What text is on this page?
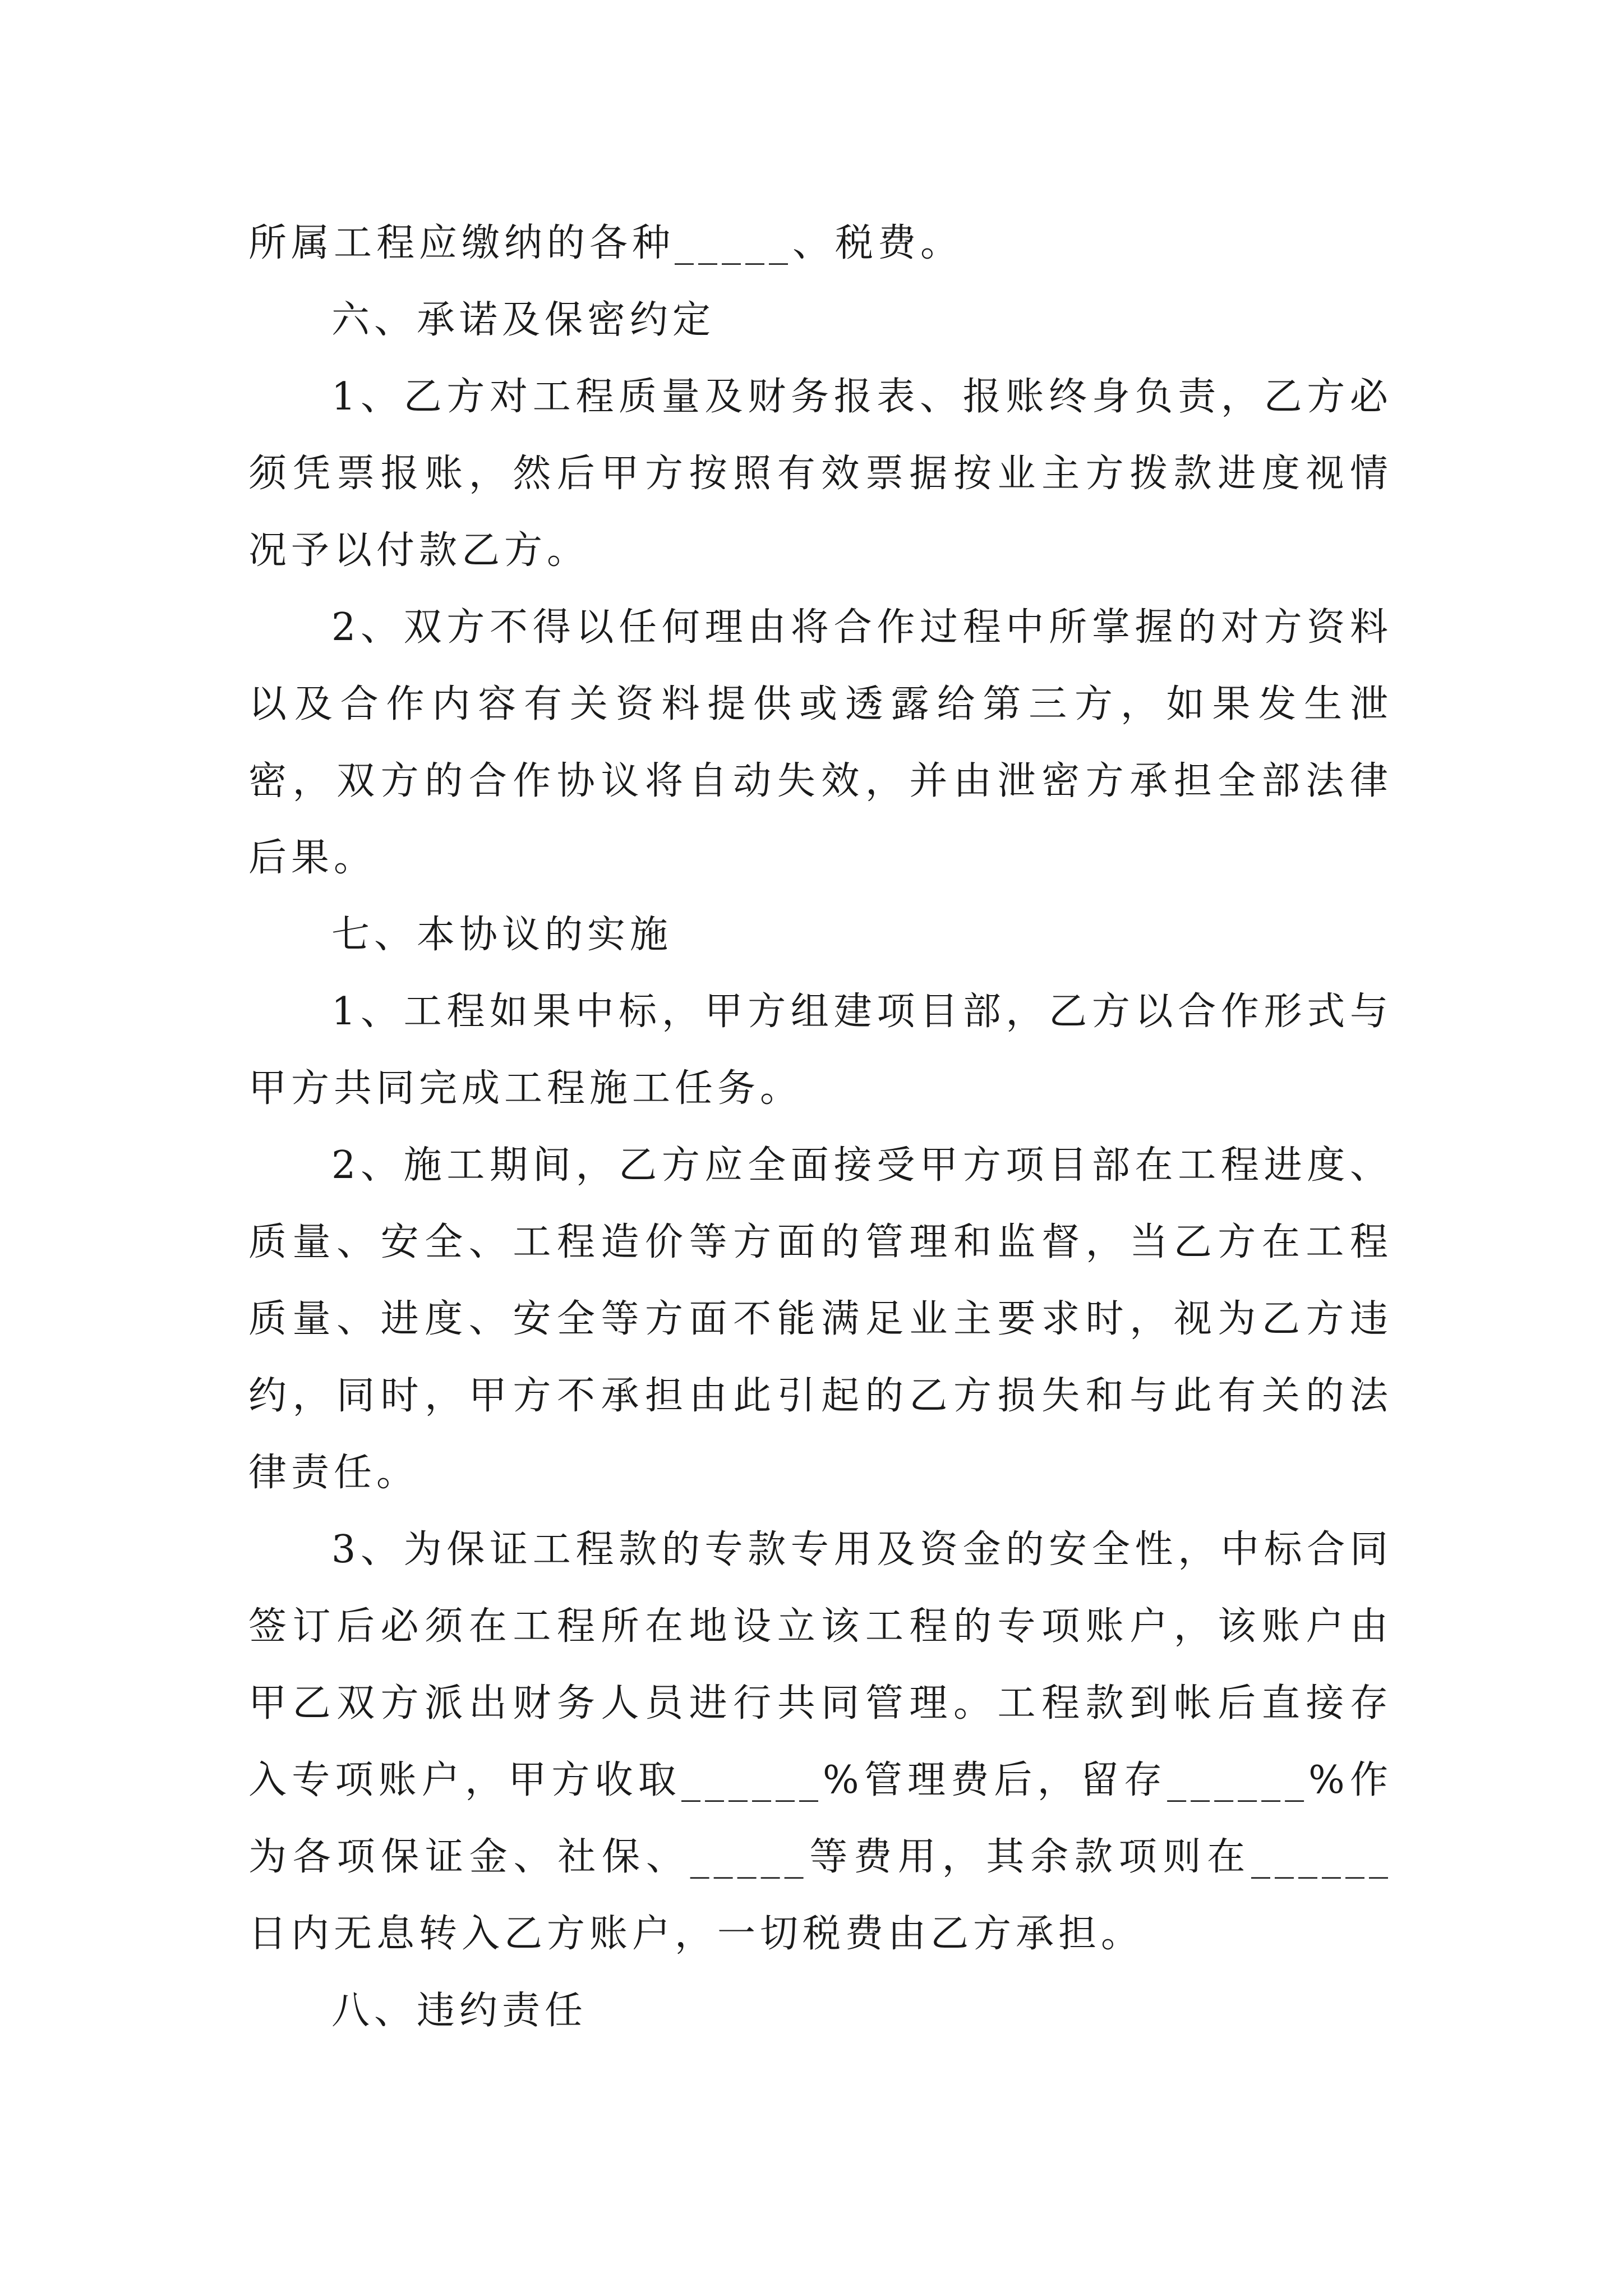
所属工程应缴纳的各种_____、税费。

六、承诺及保密约定

1、乙方对工程质量及财务报表、报账终身负责，乙方必须凭票报账，然后甲方按照有效票据按业主方拨款进度视情况予以付款乙方。

2、双方不得以任何理由将合作过程中所掌握的对方资料以及合作内容有关资料提供或透露给第三方，如果发生泄密，双方的合作协议将自动失效，并由泄密方承担全部法律后果。

七、本协议的实施

1、工程如果中标，甲方组建项目部，乙方以合作形式与甲方共同完成工程施工任务。

2、施工期间，乙方应全面接受甲方项目部在工程进度、质量、安全、工程造价等方面的管理和监督，当乙方在工程质量、进度、安全等方面不能满足业主要求时，视为乙方违约，同时，甲方不承担由此引起的乙方损失和与此有关的法律责任。

3、为保证工程款的专款专用及资金的安全性，中标合同签订后必须在工程所在地设立该工程的专项账户，该账户由甲乙双方派出财务人员进行共同管理。工程款到帐后直接存入专项账户，甲方收取______%管理费后，留存______%作为各项保证金、社保、_____等费用，其余款项则在______日内无息转入乙方账户，一切税费由乙方承担。

八、违约责任
